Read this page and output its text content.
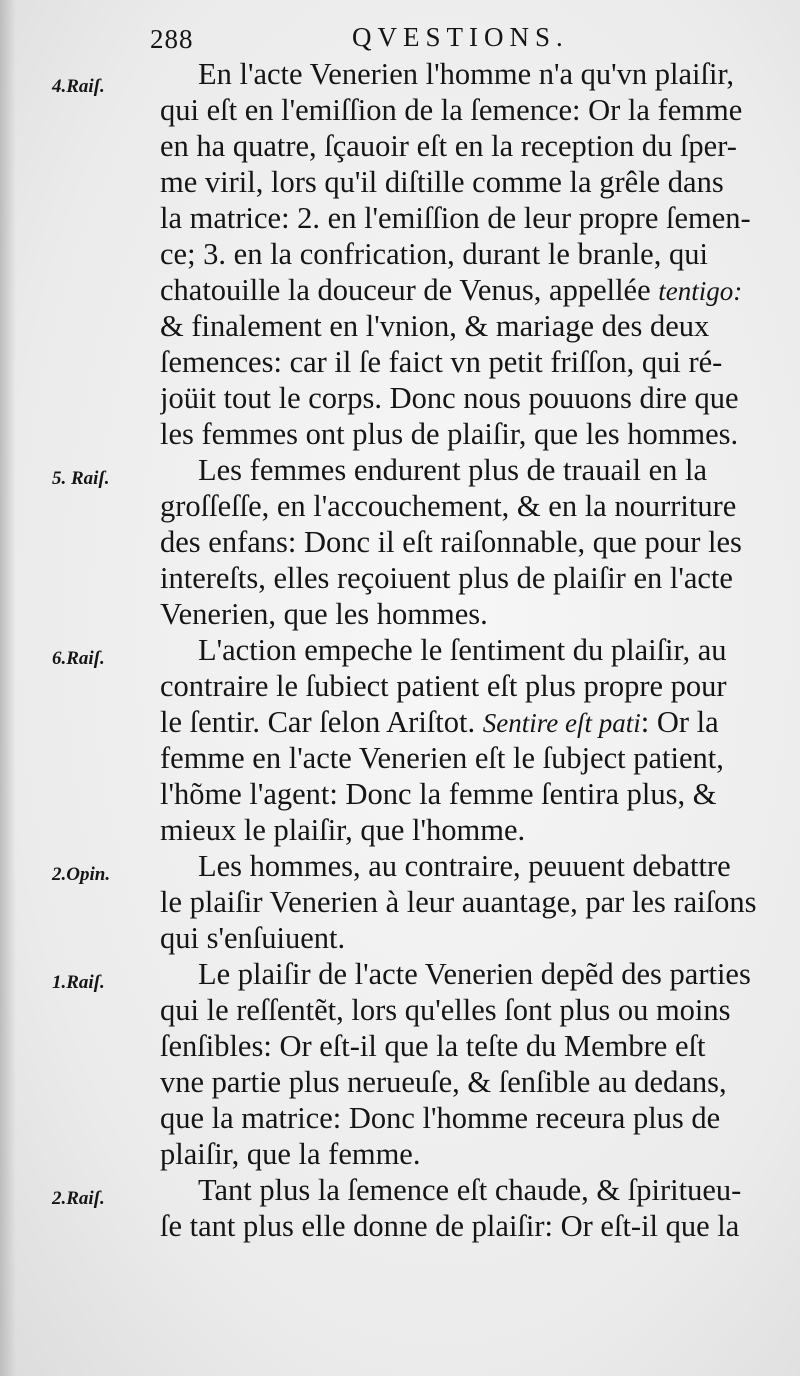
288	QVESTIONS.
4.Raiſ.
5. Raiſ.
6.Raiſ.
2.Opin.
1.Raiſ.
2.Raiſ.
En l'acte Venerien l'homme n'a qu'vn plaiſir,
qui eſt en l'emiſſion de la ſemence: Or la femme
en ha quatre, ſçauoir eſt en la reception du ſper-
me viril, lors qu'il diſtille comme la grêle dans
la matrice: 2. en l'emiſſion de leur propre ſemen-
ce; 3. en la confrication, durant le branle, qui
chatouille la douceur de Venus, appellée tentigo:
& finalement en l'vnion, & mariage des deux
ſemences: car il ſe faict vn petit friſſon, qui ré-
joüit tout le corps. Donc nous pouuons dire que
les femmes ont plus de plaiſir, que les hommes.
Les femmes endurent plus de trauail en la
groſſeſſe, en l'accouchement, & en la nourriture
des enfans: Donc il eſt raiſonnable, que pour les
intereſts, elles reçoiuent plus de plaiſir en l'acte
Venerien, que les hommes.
L'action empeche le ſentiment du plaiſir, au
contraire le ſubiect patient eſt plus propre pour
le ſentir. Car ſelon Ariſtot. Sentire eſt pati: Or la
femme en l'acte Venerien eſt le ſubject patient,
l'hõme l'agent: Donc la femme ſentira plus, &
mieux le plaiſir, que l'homme.
Les hommes, au contraire, peuuent debattre
le plaiſir Venerien à leur auantage, par les raiſons
qui s'enſuiuent.
Le plaiſir de l'acte Venerien depẽd des parties
qui le reſſentẽt, lors qu'elles ſont plus ou moins
ſenſibles: Or eſt-il que la teſte du Membre eſt
vne partie plus nerueuſe, & ſenſible au dedans,
que la matrice: Donc l'homme receura plus de
plaiſir, que la femme.
Tant plus la ſemence eſt chaude, & ſpiritueu-
ſe tant plus elle donne de plaiſir: Or eſt-il que la
